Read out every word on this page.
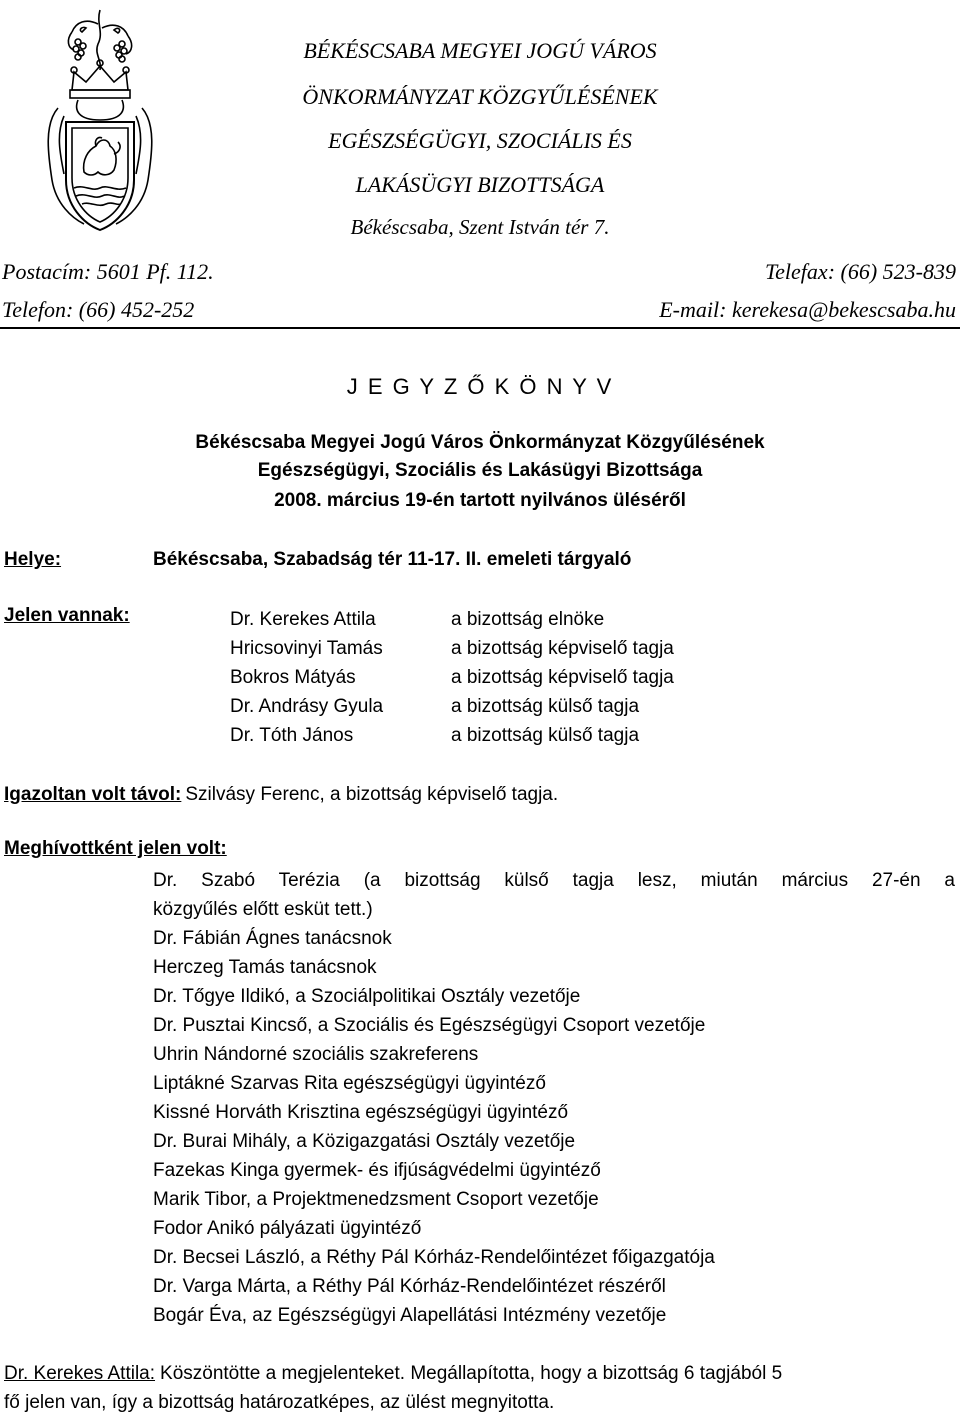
BÉKÉSCSABA MEGYEI JOGÚ VÁROS
ÖNKORMÁNYZAT KÖZGYŰLÉSÉNEK
EGÉSZSÉGÜGYI, SZOCIÁLIS ÉS
LAKÁSÜGYI BIZOTTSÁGA
Békéscsaba, Szent István tér 7.
Postacím: 5601 Pf. 112.	Telefax: (66) 523-839
Telefon: (66) 452-252	E-mail: kerekesa@bekescsaba.hu
J E G Y Z Ő K Ö N Y V
Békéscsaba Megyei Jogú Város Önkormányzat Közgyűlésének
Egészségügyi, Szociális és Lakásügyi Bizottsága
2008. március 19-én tartott nyilvános üléséről
Helye:	Békéscsaba, Szabadság tér 11-17. II. emeleti tárgyaló
Jelen vannak:	Dr. Kerekes Attila	a bizottság elnöke
Hricsovinyi Tamás	a bizottság képviselő tagja
Bokros Mátyás	a bizottság képviselő tagja
Dr. Andrásy Gyula	a bizottság külső tagja
Dr. Tóth János	a bizottság külső tagja
Igazoltan volt távol: Szilvásy Ferenc, a bizottság képviselő tagja.
Meghívottként jelen volt:
Dr. Szabó Terézia (a bizottság külső tagja lesz, miután március 27-én a
közgyűlés előtt esküt tett.)
Dr. Fábián Ágnes tanácsnok
Herczeg Tamás tanácsnok
Dr. Tőgye Ildikó, a Szociálpolitikai Osztály vezetője
Dr. Pusztai Kincső, a Szociális és Egészségügyi Csoport vezetője
Uhrin Nándorné szociális szakreferens
Liptákné Szarvas Rita egészségügyi ügyintéző
Kissné Horváth Krisztina egészségügyi ügyintéző
Dr. Burai Mihály, a Közigazgatási Osztály vezetője
Fazekas Kinga gyermek- és ifjúságvédelmi ügyintéző
Marik Tibor, a Projektmenedzsment Csoport vezetője
Fodor Anikó pályázati ügyintéző
Dr. Becsei László, a Réthy Pál Kórház-Rendelőintézet főigazgatója
Dr. Varga Márta, a Réthy Pál Kórház-Rendelőintézet részéről
Bogár Éva, az Egészségügyi Alapellátási Intézmény vezetője
Dr. Kerekes Attila: Köszöntötte a megjelenteket. Megállapította, hogy a bizottság 6 tagjából 5
fő jelen van, így a bizottság határozatképes, az ülést megnyitotta.
